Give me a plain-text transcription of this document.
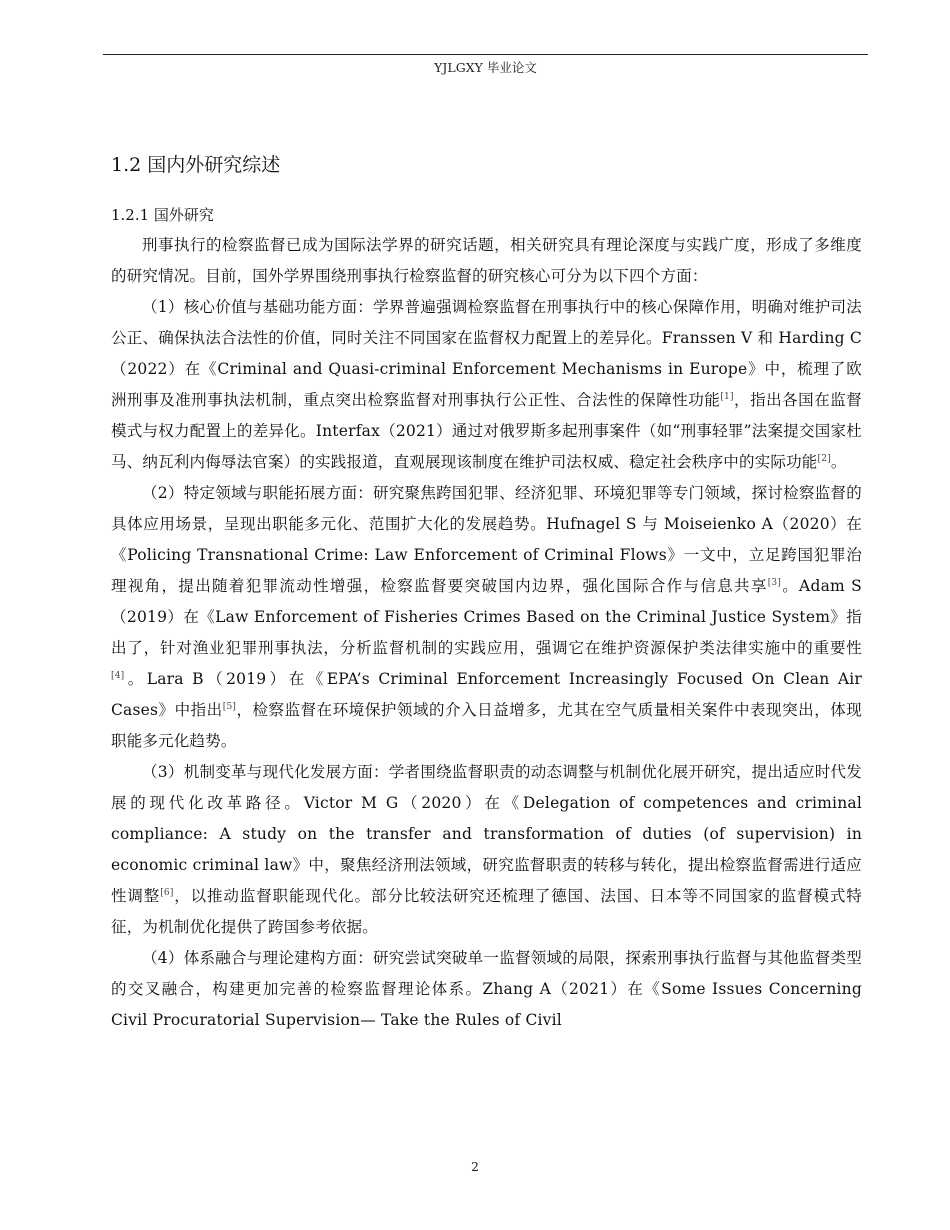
YJLGXY 毕业论文
1.2 国内外研究综述
1.2.1 国外研究

刑事执行的检察监督已成为国际法学界的研究话题，相关研究具有理论深度与实践广度，形成了多维度的研究情况。目前，国外学界围绕刑事执行检察监督的研究核心可分为以下四个方面：

（1）核心价值与基础功能方面：学界普遍强调检察监督在刑事执行中的核心保障作用，明确对维护司法公正、确保执法合法性的价值，同时关注不同国家在监督权力配置上的差异化。Franssen V 和 Harding C（2022）在《Criminal and Quasi-criminal Enforcement Mechanisms in Europe》中，梳理了欧洲刑事及准刑事执法机制，重点突出检察监督对刑事执行公正性、合法性的保障性功能[1]，指出各国在监督模式与权力配置上的差异化。Interfax（2021）通过对俄罗斯多起刑事案件（如“刑事轻罪”法案提交国家杜马、纳瓦利内侮辱法官案）的实践报道，直观展现该制度在维护司法权威、稳定社会秩序中的实际功能[2]。

（2）特定领域与职能拓展方面：研究聚焦跨国犯罪、经济犯罪、环境犯罪等专门领域，探讨检察监督的具体应用场景，呈现出职能多元化、范围扩大化的发展趋势。Hufnagel S 与 Moiseienko A（2020）在《Policing Transnational Crime: Law Enforcement of Criminal Flows》一文中，立足跨国犯罪治理视角，提出随着犯罪流动性增强，检察监督要突破国内边界，强化国际合作与信息共享[3]。Adam S（2019）在《Law Enforcement of Fisheries Crimes Based on the Criminal Justice System》指出了，针对渔业犯罪刑事执法，分析监督机制的实践应用，强调它在维护资源保护类法律实施中的重要性[4]。Lara B（2019）在《EPA’s Criminal Enforcement Increasingly Focused On Clean Air Cases》中指出[5]，检察监督在环境保护领域的介入日益增多，尤其在空气质量相关案件中表现突出，体现职能多元化趋势。

（3）机制变革与现代化发展方面：学者围绕监督职责的动态调整与机制优化展开研究，提出适应时代发展的现代化改革路径。Victor M G（2020）在《Delegation of competences and criminal compliance: A study on the transfer and transformation of duties (of supervision) in economic criminal law》中，聚焦经济刑法领域，研究监督职责的转移与转化，提出检察监督需进行适应性调整[6]，以推动监督职能现代化。部分比较法研究还梳理了德国、法国、日本等不同国家的监督模式特征，为机制优化提供了跨国参考依据。

（4）体系融合与理论建构方面：研究尝试突破单一监督领域的局限，探索刑事执行监督与其他监督类型的交叉融合，构建更加完善的检察监督理论体系。Zhang A（2021）在《Some Issues Concerning Civil Procuratorial Supervision— Take the Rules of Civil

2
